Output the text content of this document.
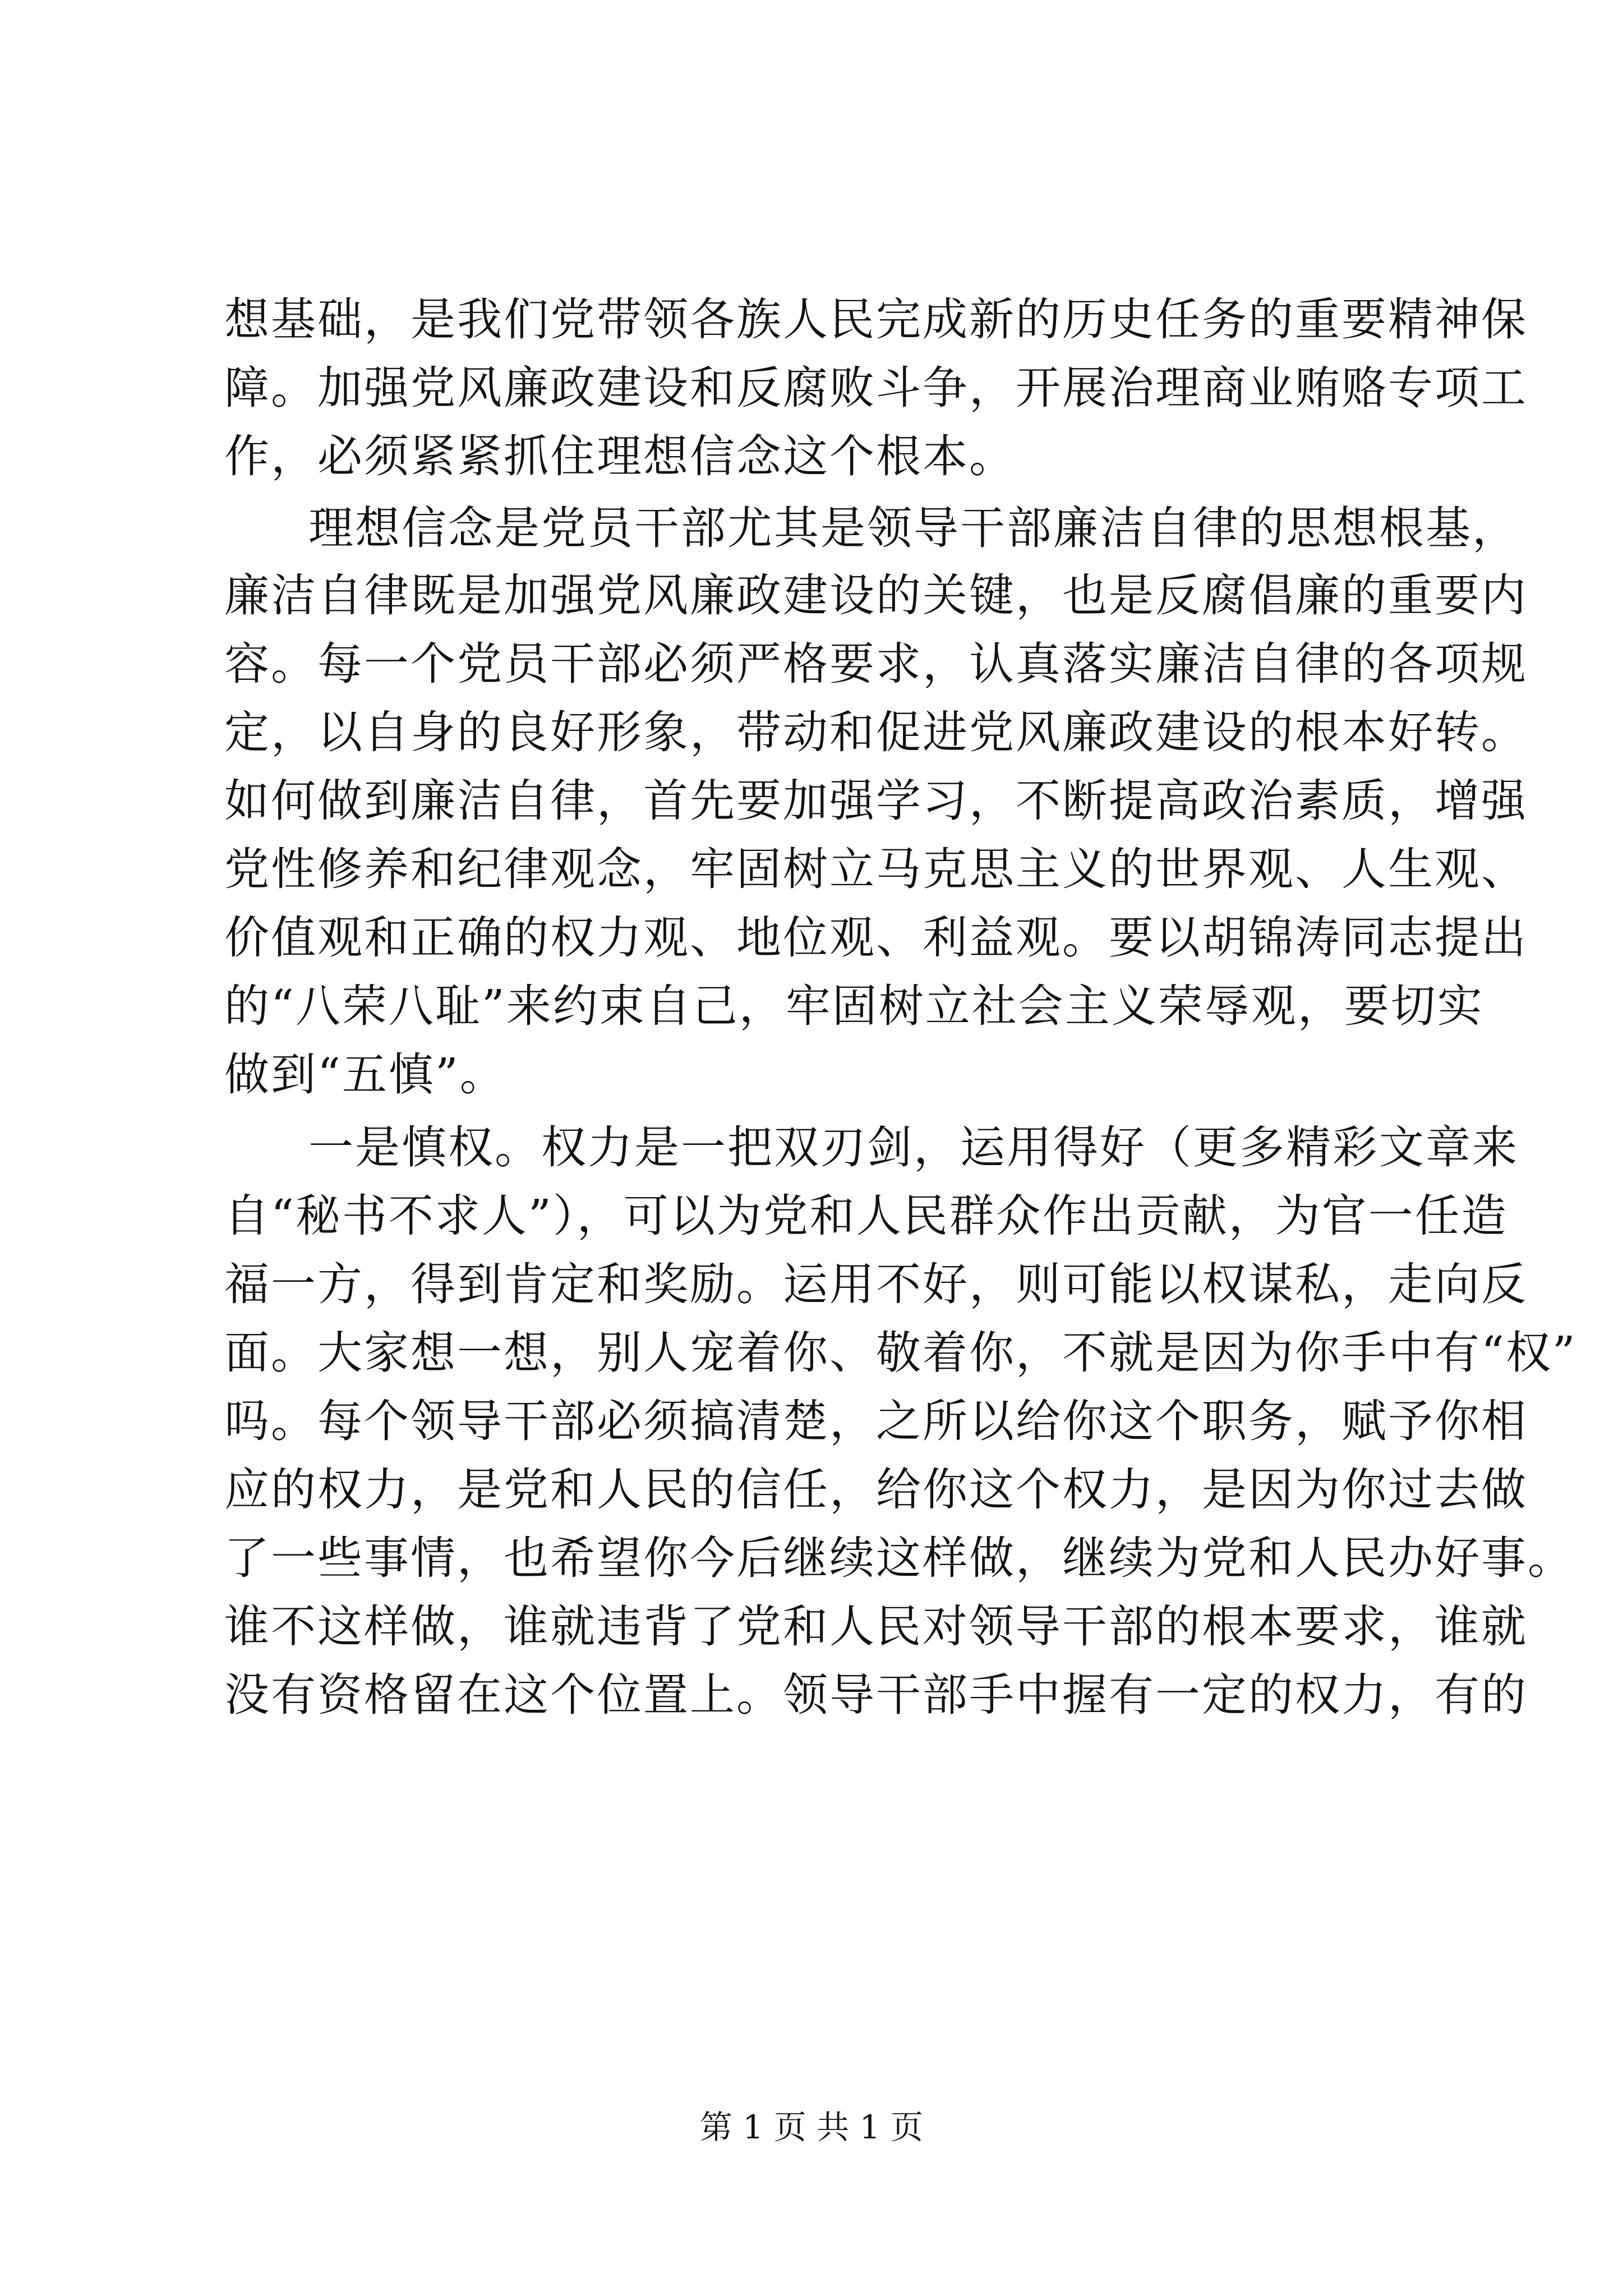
想基础，是我们党带领各族人民完成新的历史任务的重要精神保
障。加强党风廉政建设和反腐败斗争，开展治理商业贿赂专项工
作，必须紧紧抓住理想信念这个根本。
理想信念是党员干部尤其是领导干部廉洁自律的思想根基，
廉洁自律既是加强党风廉政建设的关键，也是反腐倡廉的重要内
容。每一个党员干部必须严格要求，认真落实廉洁自律的各项规
定，以自身的良好形象，带动和促进党风廉政建设的根本好转。
如何做到廉洁自律，首先要加强学习，不断提高政治素质，增强
党性修养和纪律观念，牢固树立马克思主义的世界观、人生观、
价值观和正确的权力观、地位观、利益观。要以胡锦涛同志提出
的“八荣八耻”来约束自己，牢固树立社会主义荣辱观，要切实
做到“五慎”。
一是慎权。权力是一把双刃剑，运用得好（更多精彩文章来
自“秘书不求人”），可以为党和人民群众作出贡献，为官一任造
福一方，得到肯定和奖励。运用不好，则可能以权谋私，走向反
面。大家想一想，别人宠着你、敬着你，不就是因为你手中有“权”
吗。每个领导干部必须搞清楚，之所以给你这个职务，赋予你相
应的权力，是党和人民的信任，给你这个权力，是因为你过去做
了一些事情，也希望你今后继续这样做，继续为党和人民办好事。
谁不这样做，谁就违背了党和人民对领导干部的根本要求，谁就
没有资格留在这个位置上。领导干部手中握有一定的权力，有的
第 1 页 共 1 页
